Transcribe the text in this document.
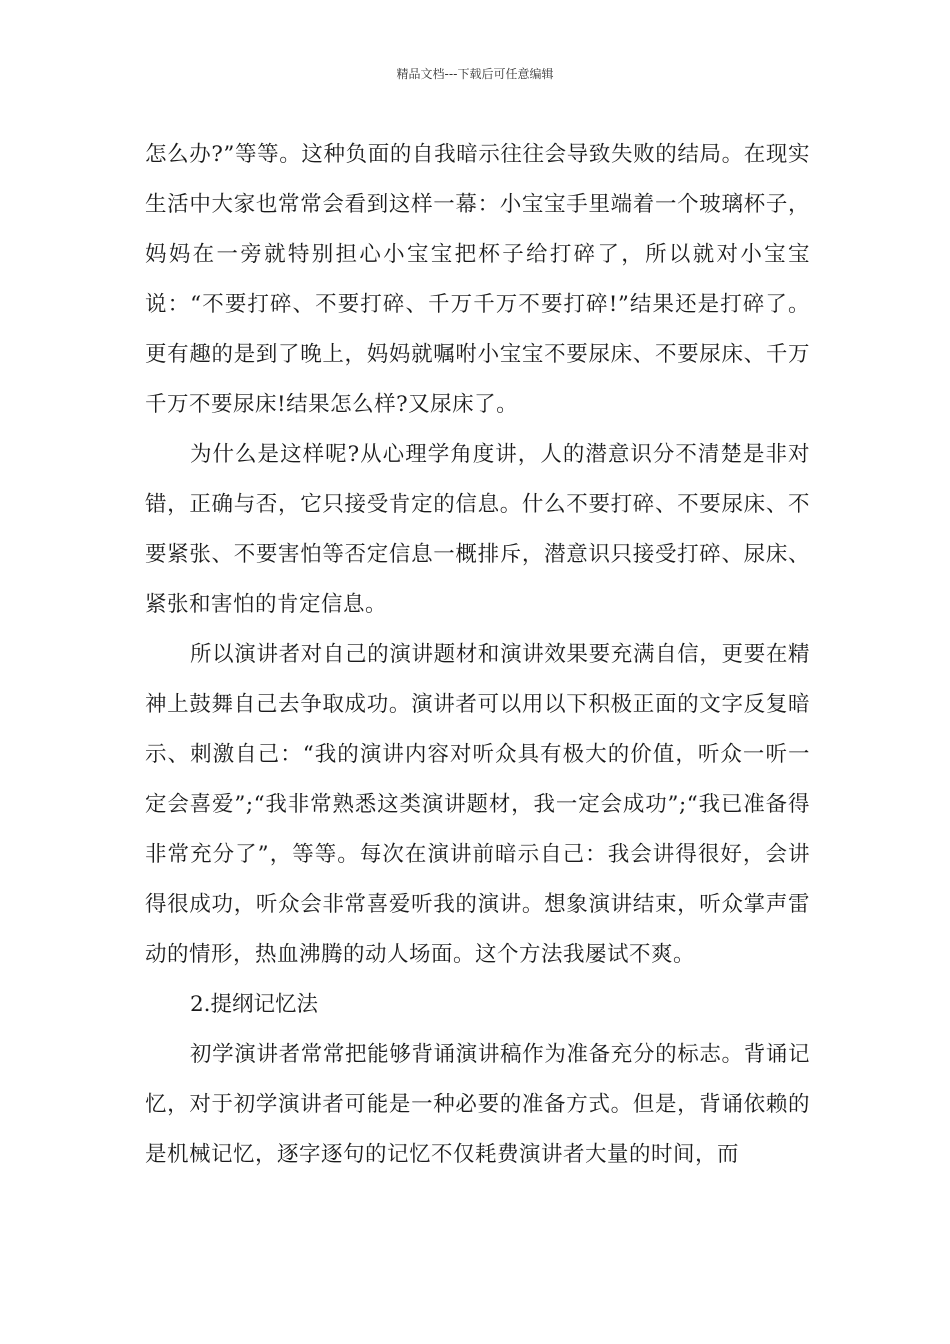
精品文档---下载后可任意编辑

怎么办?”等等。这种负面的自我暗示往往会导致失败的结局。在现实生活中大家也常常会看到这样一幕：小宝宝手里端着一个玻璃杯子，妈妈在一旁就特别担心小宝宝把杯子给打碎了，所以就对小宝宝说：“不要打碎、不要打碎、千万千万不要打碎!”结果还是打碎了。更有趣的是到了晚上，妈妈就嘱咐小宝宝不要尿床、不要尿床、千万千万不要尿床!结果怎么样?又尿床了。

为什么是这样呢?从心理学角度讲，人的潜意识分不清楚是非对错，正确与否，它只接受肯定的信息。什么不要打碎、不要尿床、不要紧张、不要害怕等否定信息一概排斥，潜意识只接受打碎、尿床、紧张和害怕的肯定信息。

所以演讲者对自己的演讲题材和演讲效果要充满自信，更要在精神上鼓舞自己去争取成功。演讲者可以用以下积极正面的文字反复暗示、刺激自己：“我的演讲内容对听众具有极大的价值，听众一听一定会喜爱”;“我非常熟悉这类演讲题材，我一定会成功”;“我已准备得非常充分了”，等等。每次在演讲前暗示自己：我会讲得很好，会讲得很成功，听众会非常喜爱听我的演讲。想象演讲结束，听众掌声雷动的情形，热血沸腾的动人场面。这个方法我屡试不爽。

2.提纲记忆法

初学演讲者常常把能够背诵演讲稿作为准备充分的标志。背诵记忆，对于初学演讲者可能是一种必要的准备方式。但是，背诵依赖的是机械记忆，逐字逐句的记忆不仅耗费演讲者大量的时间，而
